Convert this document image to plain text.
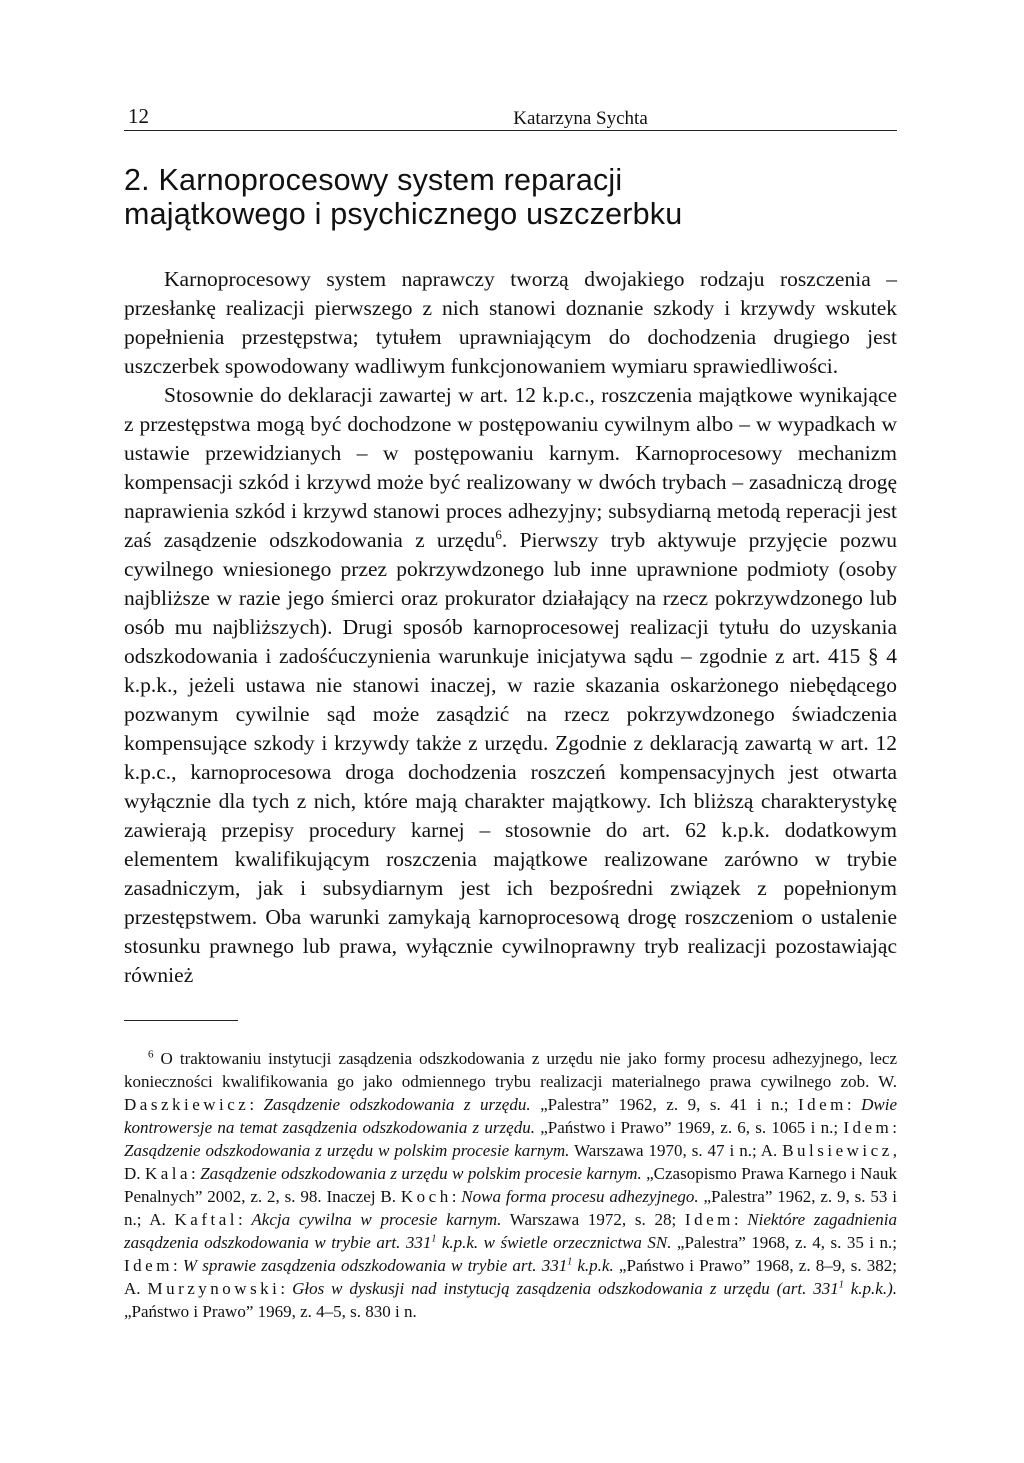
12	Katarzyna Sychta
2. Karnoprocesowy system reparacji
majątkowego i psychicznego uszczerbku

Karnoprocesowy system naprawczy tworzą dwojakiego rodzaju roszczenia – przesłankę realizacji pierwszego z nich stanowi doznanie szkody i krzywdy wskutek popełnienia przestępstwa; tytułem uprawniającym do dochodzenia drugiego jest uszczerbek spowodowany wadliwym funkcjonowaniem wymiaru sprawiedliwości.

Stosownie do deklaracji zawartej w art. 12 k.p.c., roszczenia majątkowe wynikające z przestępstwa mogą być dochodzone w postępowaniu cywilnym albo – w wypadkach w ustawie przewidzianych – w postępowaniu karnym. Karnoprocesowy mechanizm kompensacji szkód i krzywd może być realizowany w dwóch trybach – zasadniczą drogę naprawienia szkód i krzywd stanowi proces adhezyjny; subsydiarną metodą reperacji jest zaś zasądzenie odszkodowania z urzędu$^6$. Pierwszy tryb aktywuje przyjęcie pozwu cywilnego wniesionego przez pokrzywdzonego lub inne uprawnione podmioty (osoby najbliższe w razie jego śmierci oraz prokurator działający na rzecz pokrzywdzonego lub osób mu najbliższych). Drugi sposób karnoprocesowej realizacji tytułu do uzyskania odszkodowania i zadośćuczynienia warunkuje inicjatywa sądu – zgodnie z art. 415 § 4 k.p.k., jeżeli ustawa nie stanowi inaczej, w razie skazania oskarżonego niebędącego pozwanym cywilnie sąd może zasądzić na rzecz pokrzywdzonego świadczenia kompensujące szkody i krzywdy także z urzędu. Zgodnie z deklaracją zawartą w art. 12 k.p.c., karnoprocesowa droga dochodzenia roszczeń kompensacyjnych jest otwarta wyłącznie dla tych z nich, które mają charakter majątkowy. Ich bliższą charakterystykę zawierają przepisy procedury karnej – stosownie do art. 62 k.p.k. dodatkowym elementem kwalifikującym roszczenia majątkowe realizowane zarówno w trybie zasadniczym, jak i subsydiarnym jest ich bezpośredni związek z popełnionym przestępstwem. Oba warunki zamykają karnoprocesową drogę roszczeniom o ustalenie stosunku prawnego lub prawa, wyłącznie cywilnoprawny tryb realizacji pozostawiając również

$^6$ O traktowaniu instytucji zasądzenia odszkodowania z urzędu nie jako formy procesu adhezyjnego, lecz konieczności kwalifikowania go jako odmiennego trybu realizacji materialnego prawa cywilnego zob. W. Daszkiewicz: Zasądzenie odszkodowania z urzędu. „Palestra” 1962, z. 9, s. 41 i n.; Idem: Dwie kontrowersje na temat zasądzenia odszkodowania z urzędu. „Państwo i Prawo” 1969, z. 6, s. 1065 i n.; Idem: Zasądzenie odszkodowania z urzędu w polskim procesie karnym. Warszawa 1970, s. 47 i n.; A. Bulsiewicz, D. Kala: Zasądzenie odszkodowania z urzędu w polskim procesie karnym. „Czasopismo Prawa Karnego i Nauk Penalnych” 2002, z. 2, s. 98. Inaczej B. Koch: Nowa forma procesu adhezyjnego. „Palestra” 1962, z. 9, s. 53 i n.; A. Kaftal: Akcja cywilna w procesie karnym. Warszawa 1972, s. 28; Idem: Niektóre zagadnienia zasądzenia odszkodowania w trybie art. $331^1$ k.p.k. w świetle orzecznictwa SN. „Palestra” 1968, z. 4, s. 35 i n.; Idem: W sprawie zasądzenia odszkodowania w trybie art. $331^1$ k.p.k. „Państwo i Prawo” 1968, z. 8–9, s. 382; A. Murzynowski: Głos w dyskusji nad instytucją zasądzenia odszkodowania z urzędu (art. $331^1$ k.p.k.). „Państwo i Prawo” 1969, z. 4–5, s. 830 i n.
